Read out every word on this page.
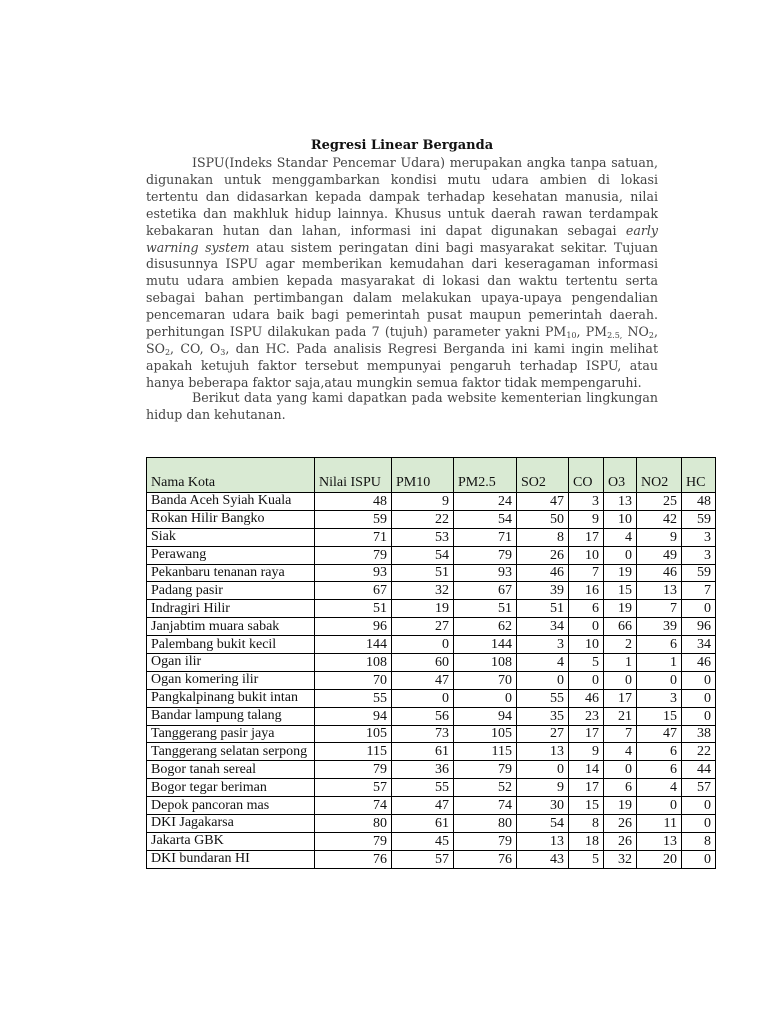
Regresi Linear Berganda
ISPU(Indeks Standar Pencemar Udara) merupakan angka tanpa satuan, digunakan untuk menggambarkan kondisi mutu udara ambien di lokasi tertentu dan didasarkan kepada dampak terhadap kesehatan manusia, nilai estetika dan makhluk hidup lainnya. Khusus untuk daerah rawan terdampak kebakaran hutan dan lahan, informasi ini dapat digunakan sebagai early warning system atau sistem peringatan dini bagi masyarakat sekitar. Tujuan disusunnya ISPU agar memberikan kemudahan dari keseragaman informasi mutu udara ambien kepada masyarakat di lokasi dan waktu tertentu serta sebagai bahan pertimbangan dalam melakukan upaya-upaya pengendalian pencemaran udara baik bagi pemerintah pusat maupun pemerintah daerah. perhitungan ISPU dilakukan pada 7 (tujuh) parameter yakni $PM_{10}$, $PM_{2.5,}$ $NO_2$, $SO_2$, CO, $O_3$, dan HC. Pada analisis Regresi Berganda ini kami ingin melihat apakah ketujuh faktor tersebut mempunyai pengaruh terhadap ISPU, atau hanya beberapa faktor saja,atau mungkin semua faktor tidak mempengaruhi.
Berikut data yang kami dapatkan pada website kementerian lingkungan hidup dan kehutanan.
Nama Kota	Nilai ISPU	PM10	PM2.5	SO2	CO	O3	NO2	HC
Banda Aceh Syiah Kuala	48	9	24	47	3	13	25	48
Rokan Hilir Bangko	59	22	54	50	9	10	42	59
Siak	71	53	71	8	17	4	9	3
Perawang	79	54	79	26	10	0	49	3
Pekanbaru tenanan raya	93	51	93	46	7	19	46	59
Padang pasir	67	32	67	39	16	15	13	7
Indragiri Hilir	51	19	51	51	6	19	7	0
Janjabtim muara sabak	96	27	62	34	0	66	39	96
Palembang bukit kecil	144	0	144	3	10	2	6	34
Ogan ilir	108	60	108	4	5	1	1	46
Ogan komering ilir	70	47	70	0	0	0	0	0
Pangkalpinang bukit intan	55	0	0	55	46	17	3	0
Bandar lampung talang	94	56	94	35	23	21	15	0
Tanggerang pasir jaya	105	73	105	27	17	7	47	38
Tanggerang selatan serpong	115	61	115	13	9	4	6	22
Bogor tanah sereal	79	36	79	0	14	0	6	44
Bogor tegar beriman	57	55	52	9	17	6	4	57
Depok pancoran mas	74	47	74	30	15	19	0	0
DKI Jagakarsa	80	61	80	54	8	26	11	0
Jakarta GBK	79	45	79	13	18	26	13	8
DKI bundaran HI	76	57	76	43	5	32	20	0
